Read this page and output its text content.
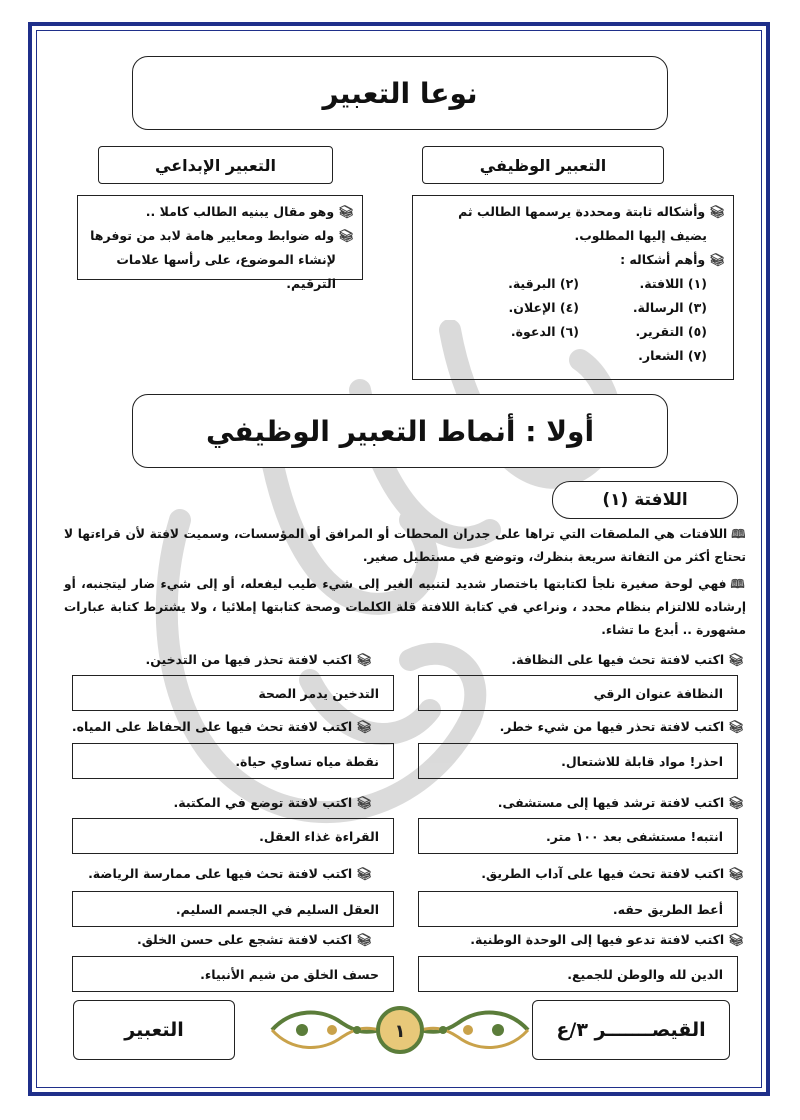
نوعا التعبير
التعبير الوظيفي
التعبير الإبداعي
📚︎وأشكاله ثابتة ومحددة يرسمها الطالب ثم
يضيف إليها المطلوب.
📚︎وأهم أشكاله :
(١) اللافتة.
(٢) البرقية.
(٣) الرسالة.
(٤) الإعلان.
(٥) التقرير.
(٦) الدعوة.
(٧) الشعار.
📚︎وهو مقال يبنيه الطالب كاملا ..
📚︎وله ضوابط ومعايير هامة لابد من توفرها
لإنشاء الموضوع، على رأسها علامات الترقيم.
أولا : أنماط التعبير الوظيفي
(١) اللافتة
🕮︎اللافتات هي الملصقات التي تراها على جدران المحطات أو المرافق أو المؤسسات، وسميت لافتة لأن قراءتها لا تحتاج أكثر من التفاتة سريعة بنظرك، وتوضع في مستطيل صغير.
🕮︎فهي لوحة صغيرة نلجأ لكتابتها باختصار شديد لتنبيه الغير إلى شيء طيب ليفعله، أو إلى شيء ضار ليتجنبه، أو إرشاده للالتزام بنظام محدد ، ونراعي في كتابة اللافتة قلة الكلمات وصحة كتابتها إملائيا ، ولا يشترط كتابة عبارات مشهورة .. أبدع ما تشاء.
📚︎اكتب لافتة تحث فيها على النظافة.
📚︎اكتب لافتة تحذر فيها من التدخين.
النظافة عنوان الرقي
التدخين يدمر الصحة
📚︎اكتب لافتة تحذر فيها من شيء خطر.
📚︎اكتب لافتة تحث فيها على الحفاظ على المياه.
احذر! مواد قابلة للاشتعال.
نقطة مياه تساوي حياة.
📚︎اكتب لافتة ترشد فيها إلى مستشفى.
📚︎اكتب لافتة توضع في المكتبة.
انتبه! مستشفى بعد ١٠٠ متر.
القراءة غذاء العقل.
📚︎اكتب لافتة تحث فيها على آداب الطريق.
📚︎اكتب لافتة تحث فيها على ممارسة الرياضة.
أعط الطريق حقه.
العقل السليم في الجسم السليم.
📚︎اكتب لافتة تدعو فيها إلى الوحدة الوطنية.
📚︎اكتب لافتة تشجع على حسن الخلق.
الدين لله والوطن للجميع.
حسف الخلق من شيم الأنبياء.
التعبير	القيصـــــــر ٣/ع
١
